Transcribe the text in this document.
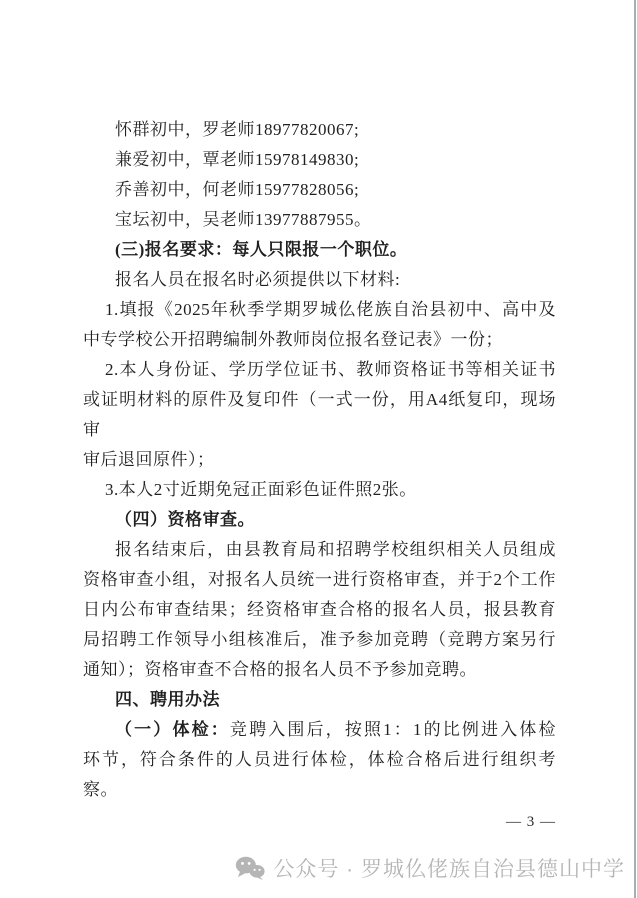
怀群初中，罗老师18977820067;
兼爱初中，覃老师15978149830;
乔善初中，何老师15977828056;
宝坛初中，吴老师13977887955。
(三)报名要求：每人只限报一个职位。
报名人员在报名时必须提供以下材料:
1.填报《2025年秋季学期罗城仫佬族自治县初中、高中及
中专学校公开招聘编制外教师岗位报名登记表》一份；
2.本人身份证、学历学位证书、教师资格证书等相关证书
或证明材料的原件及复印件（一式一份，用A4纸复印，现场审
审后退回原件）；
3.本人2寸近期免冠正面彩色证件照2张。
（四）资格审查。
报名结束后，由县教育局和招聘学校组织相关人员组成
资格审查小组，对报名人员统一进行资格审查，并于2个工作
日内公布审查结果；经资格审查合格的报名人员，报县教育
局招聘工作领导小组核准后，准予参加竞聘（竞聘方案另行
通知）；资格审查不合格的报名人员不予参加竞聘。
四、聘用办法
（一）体检：竞聘入围后，按照1：1的比例进入体检
环节，符合条件的人员进行体检，体检合格后进行组织考
察。
— 3 —
公众号 · 罗城仫佬族自治县德山中学
